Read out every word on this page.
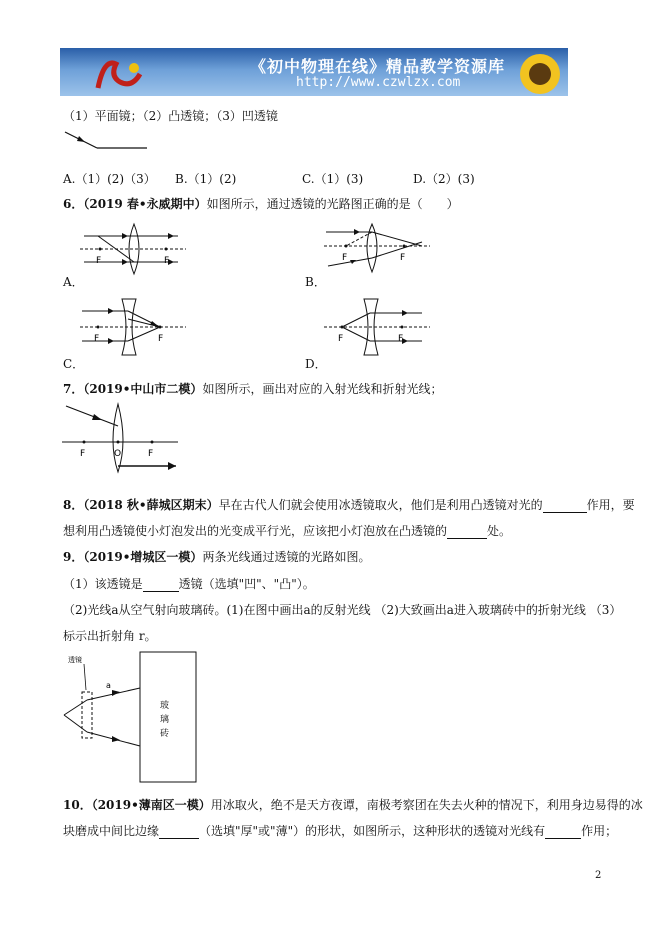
《初中物理在线》精品教学资源库
http://www.czwlzx.com
（1）平面镜；（2）凸透镜；（3）凹透镜
A.（1）(2)（3） B.（1）(2)	C.（1）(3)	D.（2）(3)
6．（2019 春•永威期中）如图所示，通过透镜的光路图正确的是（　　）
F	F
A．
F	F
B．
F	F
C．
F	F
D．
7．（2019•中山市二模）如图所示，画出对应的入射光线和折射光线；
F	F
O
8．（2018 秋•薛城区期末）早在古代人们就会使用冰透镜取火，他们是利用凸透镜对光的	作用，要
想利用凸透镜使小灯泡发出的光变成平行光，应该把小灯泡放在凸透镜的	处。
9．（2019•增城区一模）两条光线通过透镜的光路如图。
（1）该透镜是	透镜（选填"凹"、"凸"）。
（2)光线a从空气射向玻璃砖。(1)在图中画出a的反射光线 （2)大致画出a进入玻璃砖中的折射光线 （3）
标示出折射角 r。
透镜
a
玻
璃
砖
10．（2019•薄南区一模）用冰取火，绝不是天方夜谭，南极考察团在失去火种的情况下，利用身边易得的冰
块磨成中间比边缘	（选填"厚"或"薄"）的形状，如图所示，这种形状的透镜对光线有	作用；
2
